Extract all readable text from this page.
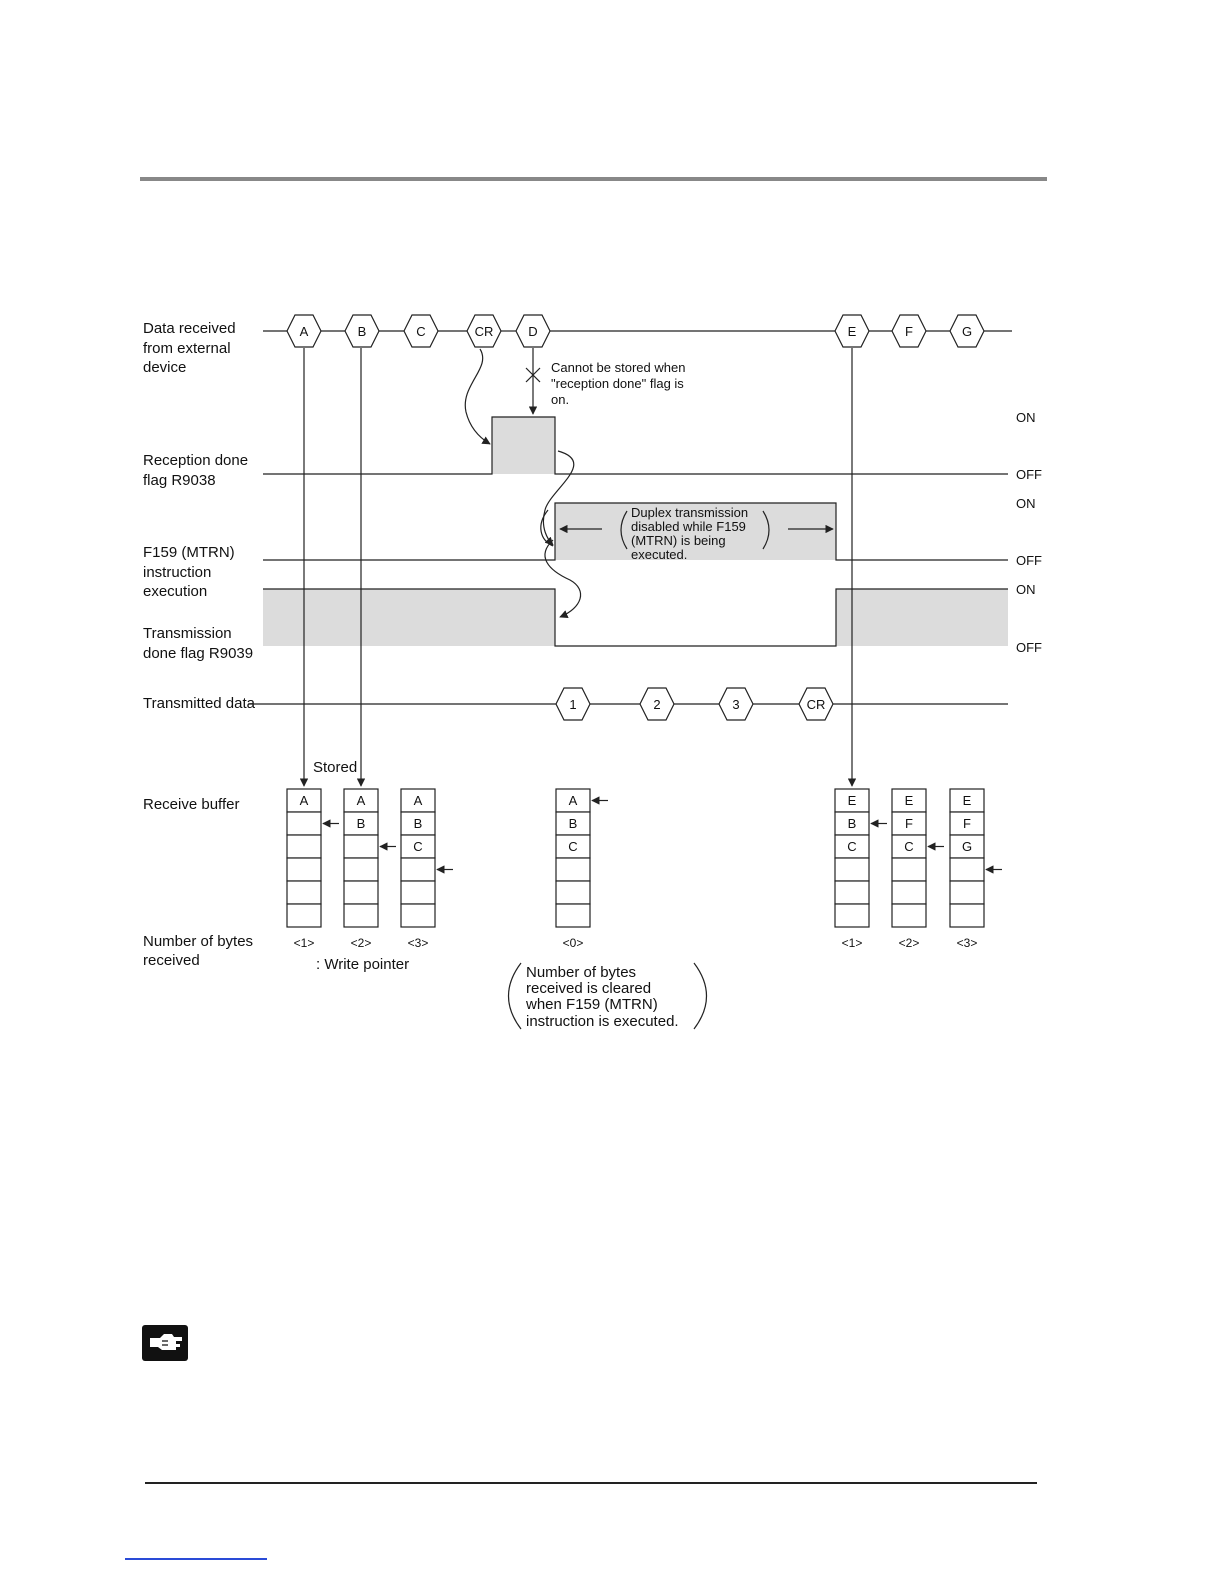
Data received
from external
device
Reception done
flag R9038
F159 (MTRN)
instruction
execution
Transmission
done flag R9039
Transmitted data
Receive buffer
Number of bytes
received
Stored
: Write pointer
ON
OFF
ON
OFF
ON
OFF
A	B	C	CR	D	E	F	G
1	2	3	CR
Cannot be stored when
"reception done" flag is
on.
Duplex transmission
disabled while F159
(MTRN) is being
executed.
Number of bytes
received is cleared
when F159 (MTRN)
instruction is executed.
A
<1>
A
B
<2>
A
B
C
<3>
A
B
C
<0>
E
B
C
<1>
E
F
C
<2>
E
F
G
<3>
